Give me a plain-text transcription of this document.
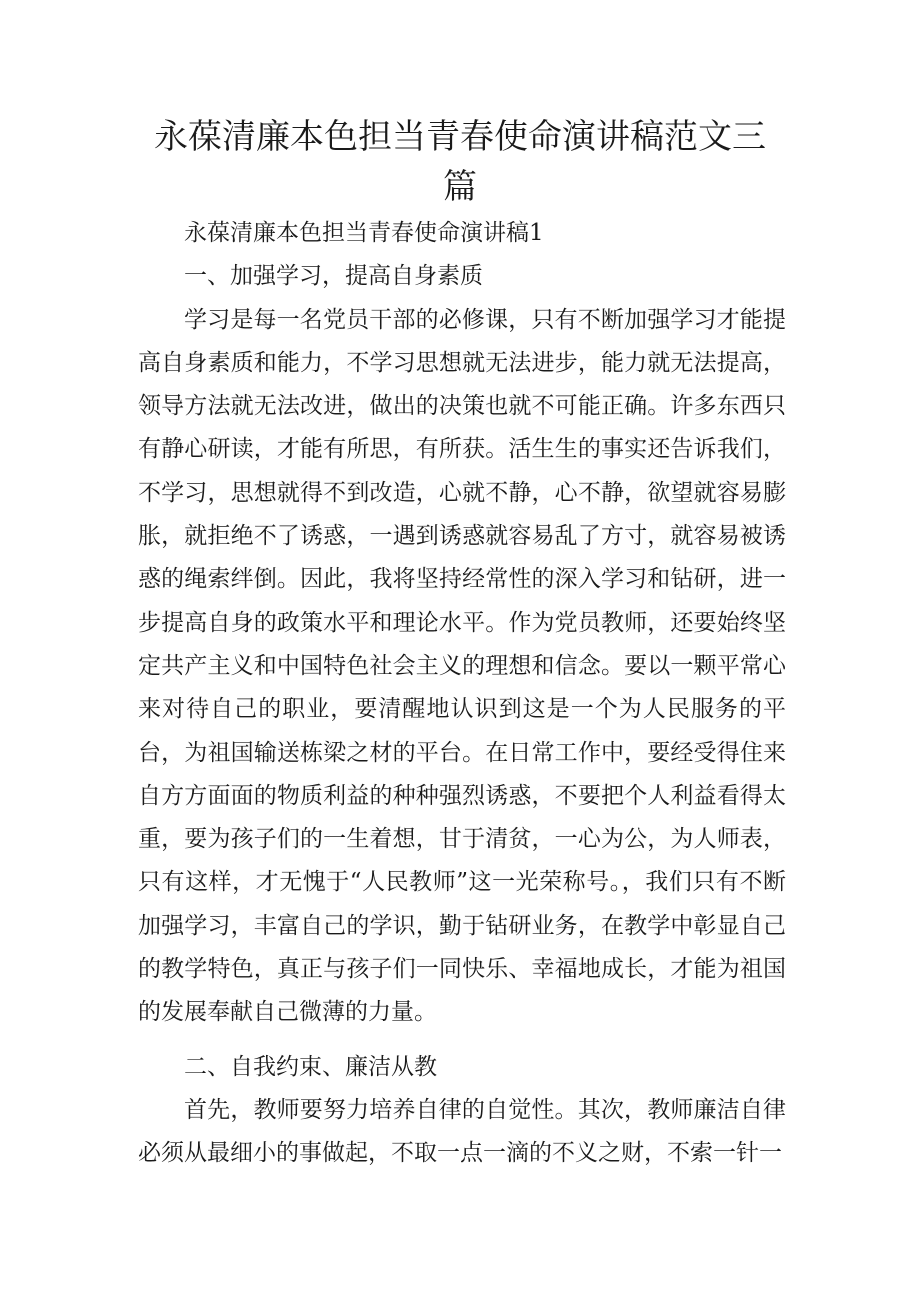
永葆清廉本色担当青春使命演讲稿范文三篇

永葆清廉本色担当青春使命演讲稿1

一、加强学习，提高自身素质

学习是每一名党员干部的必修课，只有不断加强学习才能提高自身素质和能力，不学习思想就无法进步，能力就无法提高，领导方法就无法改进，做出的决策也就不可能正确。许多东西只有静心研读，才能有所思，有所获。活生生的事实还告诉我们，不学习，思想就得不到改造，心就不静，心不静，欲望就容易膨胀，就拒绝不了诱惑，一遇到诱惑就容易乱了方寸，就容易被诱惑的绳索绊倒。因此，我将坚持经常性的深入学习和钻研，进一步提高自身的政策水平和理论水平。作为党员教师，还要始终坚定共产主义和中国特色社会主义的理想和信念。要以一颗平常心来对待自己的职业，要清醒地认识到这是一个为人民服务的平台，为祖国输送栋梁之材的平台。在日常工作中，要经受得住来自方方面面的物质利益的种种强烈诱惑，不要把个人利益看得太重，要为孩子们的一生着想，甘于清贫，一心为公，为人师表，只有这样，才无愧于“人民教师”这一光荣称号。，我们只有不断加强学习，丰富自己的学识，勤于钻研业务，在教学中彰显自己的教学特色，真正与孩子们一同快乐、幸福地成长，才能为祖国的发展奉献自己微薄的力量。

二、自我约束、廉洁从教

首先，教师要努力培养自律的自觉性。其次，教师廉洁自律必须从最细小的事做起，不取一点一滴的不义之财，不索一针一
